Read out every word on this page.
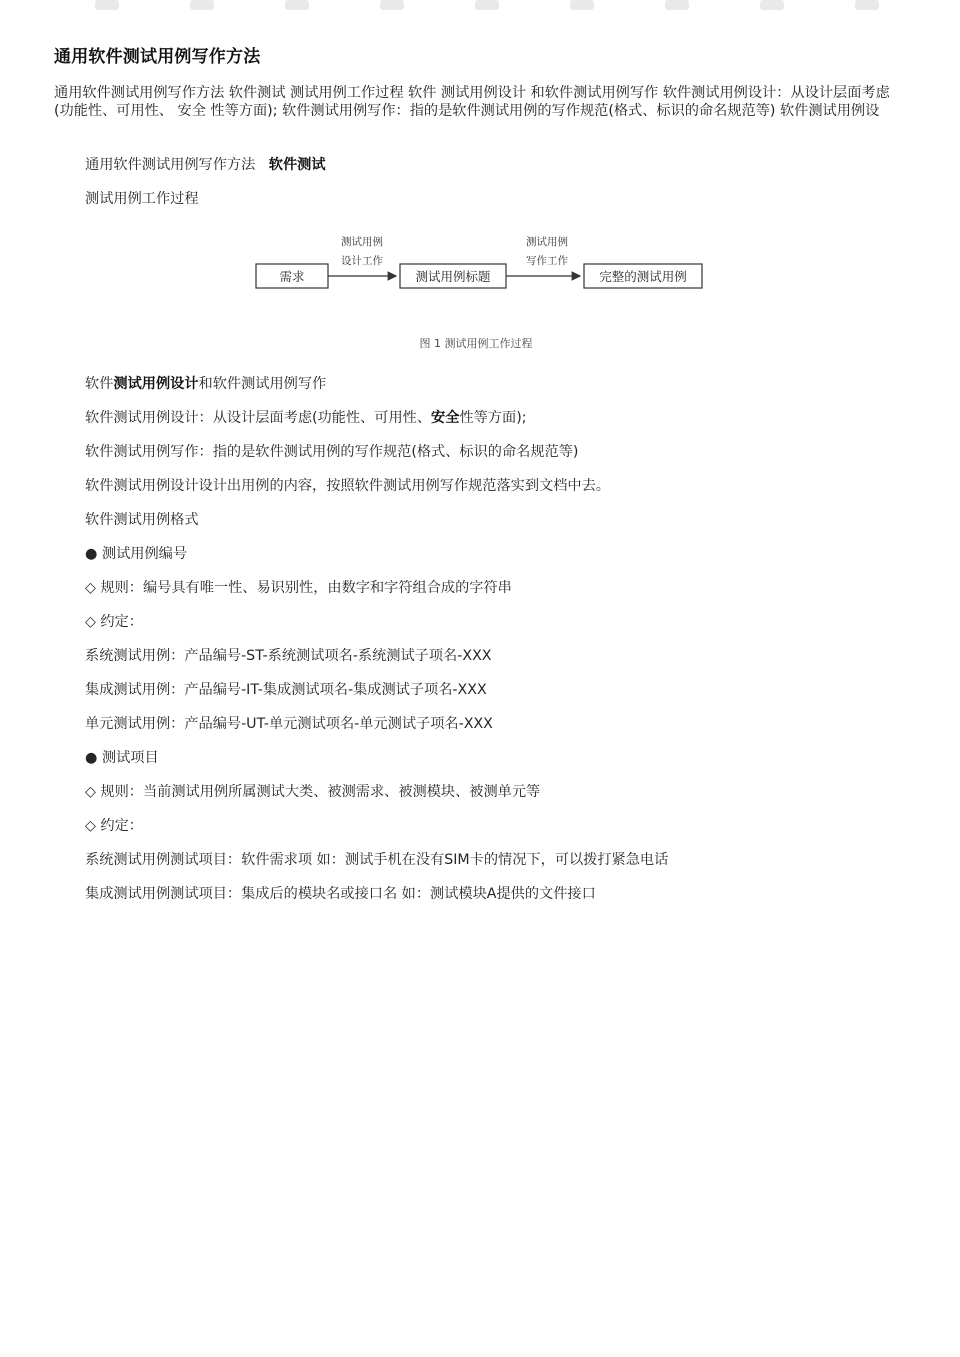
通用软件测试用例写作方法
通用软件测试用例写作方法 软件测试 测试用例工作过程 软件 测试用例设计 和软件测试用例写作 软件测试用例设计：从设计层面考虑(功能性、可用性、 安全 性等方面); 软件测试用例写作：指的是软件测试用例的写作规范(格式、标识的命名规范等) 软件测试用例设
通用软件测试用例写作方法 软件测试
测试用例工作过程
需求
测试用例
设计工作
测试用例标题
测试用例
写作工作
完整的测试用例
图 1 测试用例工作过程
软件测试用例设计和软件测试用例写作
软件测试用例设计：从设计层面考虑(功能性、可用性、安全性等方面);
软件测试用例写作：指的是软件测试用例的写作规范(格式、标识的命名规范等)
软件测试用例设计设计出用例的内容，按照软件测试用例写作规范落实到文档中去。
软件测试用例格式
● 测试用例编号
◇ 规则：编号具有唯一性、易识别性，由数字和字符组合成的字符串
◇ 约定：
系统测试用例：产品编号-ST-系统测试项名-系统测试子项名-XXX
集成测试用例：产品编号-IT-集成测试项名-集成测试子项名-XXX
单元测试用例：产品编号-UT-单元测试项名-单元测试子项名-XXX
● 测试项目
◇ 规则：当前测试用例所属测试大类、被测需求、被测模块、被测单元等
◇ 约定：
系统测试用例测试项目：软件需求项 如：测试手机在没有SIM卡的情况下，可以拨打紧急电话
集成测试用例测试项目：集成后的模块名或接口名 如：测试模块A提供的文件接口
